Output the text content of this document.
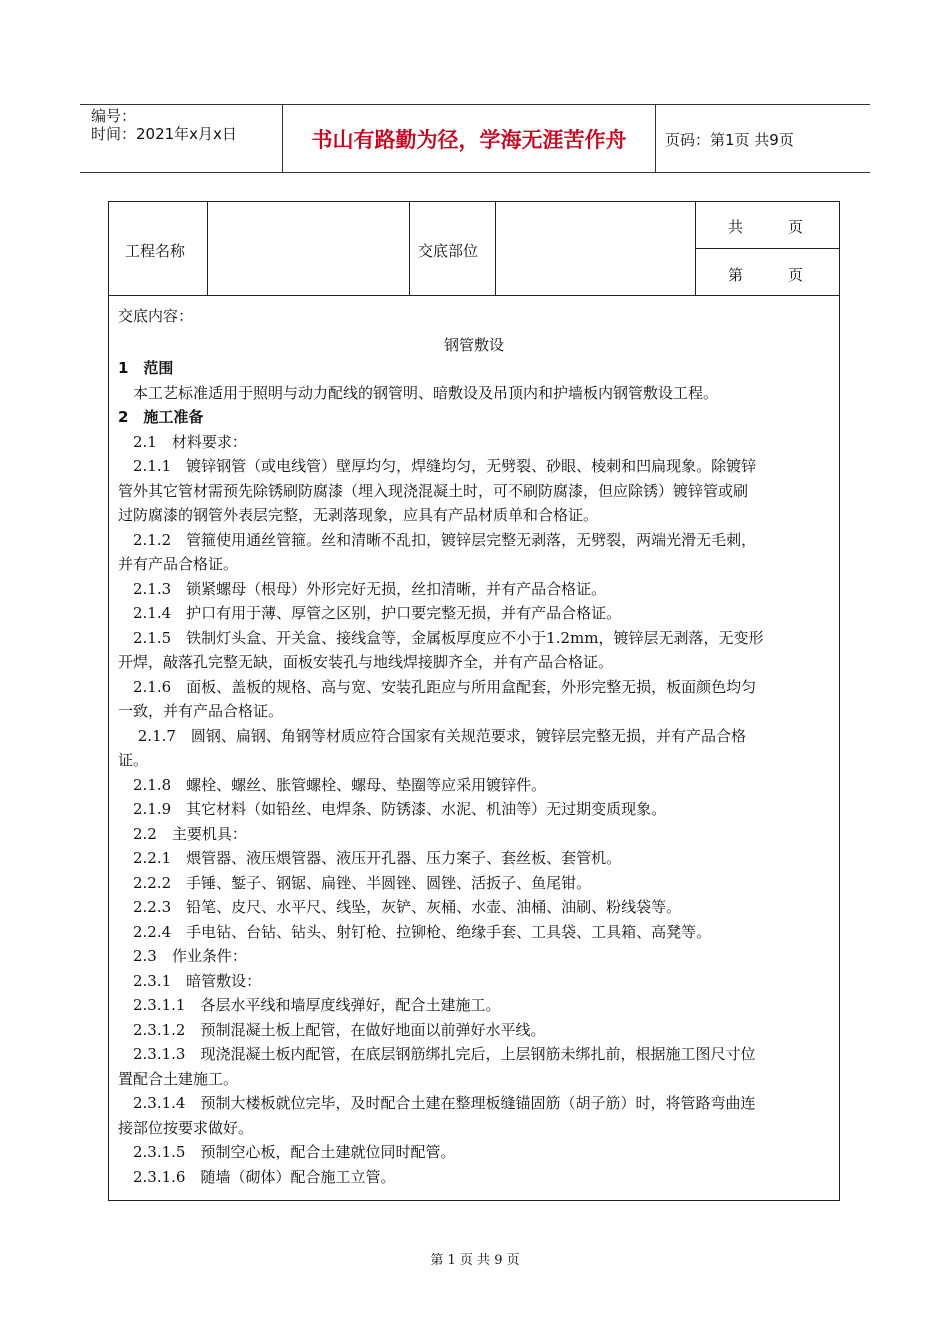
编号：
时间：2021年x月x日	书山有路勤为径，学海无涯苦作舟	页码：第1页 共9页
工程名称	交底部位
共　　　页
第　　　页
交底内容：
钢管敷设
1　范围
　本工艺标准适用于照明与动力配线的钢管明、暗敷设及吊顶内和护墙板内钢管敷设工程。
2　施工准备
　2.1　材料要求：
　2.1.1　镀锌钢管（或电线管）壁厚均匀，焊缝均匀，无劈裂、砂眼、棱刺和凹扁现象。除镀锌
管外其它管材需预先除锈刷防腐漆（埋入现浇混凝土时，可不刷防腐漆，但应除锈）镀锌管或刷
过防腐漆的钢管外表层完整，无剥落现象，应具有产品材质单和合格证。
　2.1.2　管箍使用通丝管箍。丝和清晰不乱扣，镀锌层完整无剥落，无劈裂，两端光滑无毛刺，
并有产品合格证。
　2.1.3　锁紧螺母（根母）外形完好无损，丝扣清晰，并有产品合格证。
　2.1.4　护口有用于薄、厚管之区别，护口要完整无损，并有产品合格证。
　2.1.5　铁制灯头盒、开关盒、接线盒等，金属板厚度应不小于1.2mm，镀锌层无剥落，无变形
开焊，敲落孔完整无缺，面板安装孔与地线焊接脚齐全，并有产品合格证。
　2.1.6　面板、盖板的规格、高与宽、安装孔距应与所用盒配套，外形完整无损，板面颜色均匀
一致，并有产品合格证。
　 2.1.7　圆钢、扁钢、角钢等材质应符合国家有关规范要求，镀锌层完整无损，并有产品合格
证。
　2.1.8　螺栓、螺丝、胀管螺栓、螺母、垫圈等应采用镀锌件。
　2.1.9　其它材料（如铅丝、电焊条、防锈漆、水泥、机油等）无过期变质现象。
　2.2　主要机具：
　2.2.1　煨管器、液压煨管器、液压开孔器、压力案子、套丝板、套管机。
　2.2.2　手锤、錾子、钢锯、扁锉、半圆锉、圆锉、活扳子、鱼尾钳。
　2.2.3　铅笔、皮尺、水平尺、线坠，灰铲、灰桶、水壶、油桶、油刷、粉线袋等。
　2.2.4　手电钻、台钻、钻头、射钉枪、拉铆枪、绝缘手套、工具袋、工具箱、高凳等。
　2.3　作业条件：
　2.3.1　暗管敷设：
　2.3.1.1　各层水平线和墙厚度线弹好，配合土建施工。
　2.3.1.2　预制混凝土板上配管，在做好地面以前弹好水平线。
　2.3.1.3　现浇混凝土板内配管，在底层钢筋绑扎完后，上层钢筋未绑扎前，根据施工图尺寸位
置配合土建施工。
　2.3.1.4　预制大楼板就位完毕，及时配合土建在整理板缝锚固筋（胡子筋）时，将管路弯曲连
接部位按要求做好。
　2.3.1.5　预制空心板，配合土建就位同时配管。
　2.3.1.6　随墙（砌体）配合施工立管。
第 1 页 共 9 页
